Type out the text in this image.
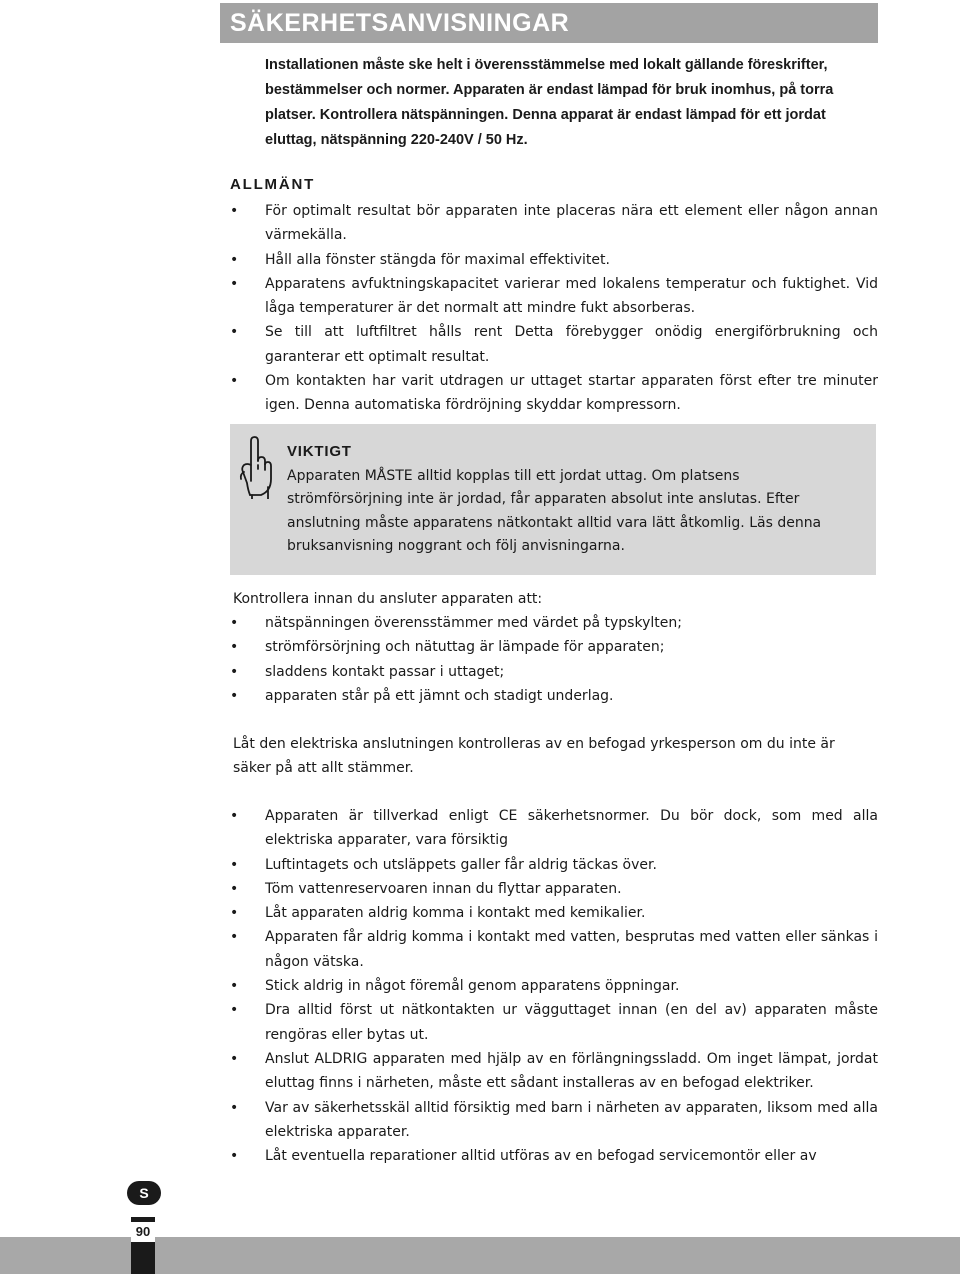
SÄKERHETSANVISNINGAR

Installationen måste ske helt i överensstämmelse med lokalt gällande föreskrifter, bestämmelser och normer. Apparaten är endast lämpad för bruk inomhus, på torra platser. Kontrollera nätspänningen. Denna apparat är endast lämpad för ett jordat eluttag, nätspänning 220-240V / 50 Hz.

ALLMÄNT
• För optimalt resultat bör apparaten inte placeras nära ett element eller någon annan värmekälla.
• Håll alla fönster stängda för maximal effektivitet.
• Apparatens avfuktningskapacitet varierar med lokalens temperatur och fuktighet. Vid låga temperaturer är det normalt att mindre fukt absorberas.
• Se till att luftfiltret hålls rent Detta förebygger onödig energiförbrukning och garanterar ett optimalt resultat.
• Om kontakten har varit utdragen ur uttaget startar apparaten först efter tre minuter igen. Denna automatiska fördröjning skyddar kompressorn.
VIKTIGT

Apparaten MÅSTE alltid kopplas till ett jordat uttag. Om platsens strömförsörjning inte är jordad, får apparaten absolut inte anslutas. Efter anslutning måste apparatens nätkontakt alltid vara lätt åtkomlig. Läs denna bruksanvisning noggrant och följ anvisningarna.

Kontrollera innan du ansluter apparaten att:

• nätspänningen överensstämmer med värdet på typskylten;
• strömförsörjning och nätuttag är lämpade för apparaten;
• sladdens kontakt passar i uttaget;
• apparaten står på ett jämnt och stadigt underlag.

Låt den elektriska anslutningen kontrolleras av en befogad yrkesperson om du inte är säker på att allt stämmer.

• Apparaten är tillverkad enligt CE säkerhetsnormer. Du bör dock, som med alla elektriska apparater, vara försiktig
• Luftintagets och utsläppets galler får aldrig täckas över.
• Töm vattenreservoaren innan du flyttar apparaten.
• Låt apparaten aldrig komma i kontakt med kemikalier.
• Apparaten får aldrig komma i kontakt med vatten, besprutas med vatten eller sänkas i någon vätska.
• Stick aldrig in något föremål genom apparatens öppningar.
• Dra alltid först ut nätkontakten ur vägguttaget innan (en del av) apparaten måste rengöras eller bytas ut.
• Anslut ALDRIG apparaten med hjälp av en förlängningssladd. Om inget lämpat, jordat eluttag finns i närheten, måste ett sådant installeras av en befogad elektriker.
• Var av säkerhetsskäl alltid försiktig med barn i närheten av apparaten, liksom med alla elektriska apparater.
• Låt eventuella reparationer alltid utföras av en befogad servicemontör eller av
S
90
